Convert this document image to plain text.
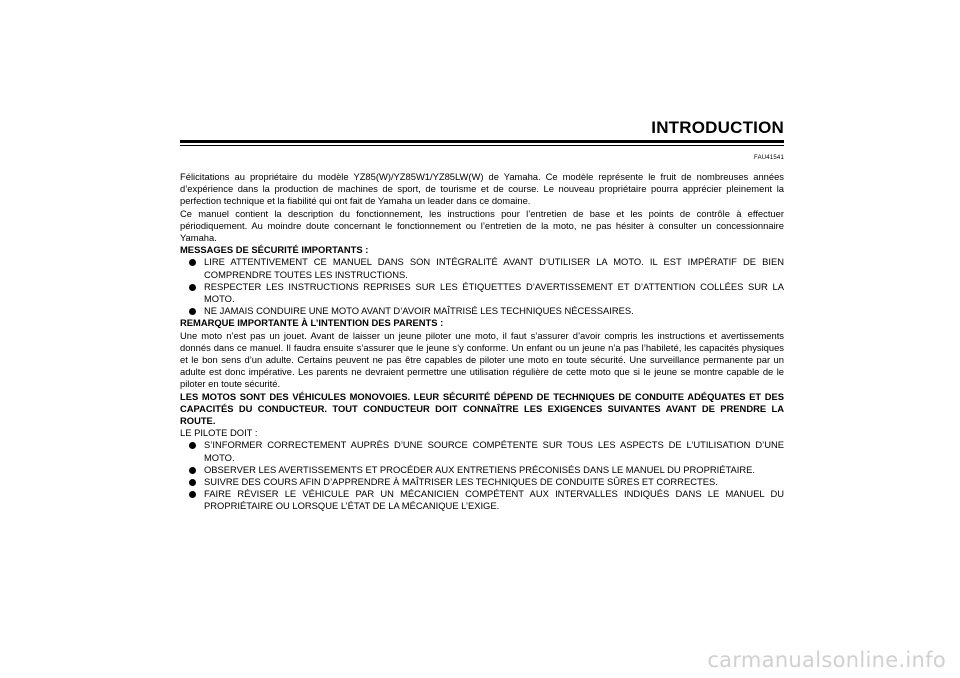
INTRODUCTION
FAU41541

Félicitations au propriétaire du modèle YZ85(W)/YZ85W1/YZ85LW(W) de Yamaha. Ce modèle représente le fruit de nombreuses années d’expérience dans la production de machines de sport, de tourisme et de course. Le nouveau propriétaire pourra apprécier pleinement la perfection technique et la fiabilité qui ont fait de Yamaha un leader dans ce domaine.

Ce manuel contient la description du fonctionnement, les instructions pour l’entretien de base et les points de contrôle à effectuer périodiquement. Au moindre doute concernant le fonctionnement ou l’entretien de la moto, ne pas hésiter à consulter un concessionnaire Yamaha.

MESSAGES DE SÉCURITÉ IMPORTANTS :

LIRE ATTENTIVEMENT CE MANUEL DANS SON INTÉGRALITÉ AVANT D’UTILISER LA MOTO. IL EST IMPÉRATIF DE BIEN COMPRENDRE TOUTES LES INSTRUCTIONS.
RESPECTER LES INSTRUCTIONS REPRISES SUR LES ÉTIQUETTES D’AVERTISSEMENT ET D’ATTENTION COLLÉES SUR LA MOTO.
NE JAMAIS CONDUIRE UNE MOTO AVANT D’AVOIR MAÎTRISÉ LES TECHNIQUES NÉCESSAIRES.

REMARQUE IMPORTANTE À L’INTENTION DES PARENTS :

Une moto n’est pas un jouet. Avant de laisser un jeune piloter une moto, il faut s’assurer d’avoir compris les instructions et avertissements donnés dans ce manuel. Il faudra ensuite s’assurer que le jeune s’y conforme. Un enfant ou un jeune n’a pas l’habileté, les capacités physiques et le bon sens d’un adulte. Certains peuvent ne pas être capables de piloter une moto en toute sécurité. Une surveillance permanente par un adulte est donc impérative. Les parents ne devraient permettre une utilisation régulière de cette moto que si le jeune se montre capable de le piloter en toute sécurité.

LES MOTOS SONT DES VÉHICULES MONOVOIES. LEUR SÉCURITÉ DÉPEND DE TECHNIQUES DE CONDUITE ADÉQUATES ET DES CAPACITÉS DU CONDUCTEUR. TOUT CONDUCTEUR DOIT CONNAÎTRE LES EXIGENCES SUIVANTES AVANT DE PRENDRE LA ROUTE.

LE PILOTE DOIT :

S’INFORMER CORRECTEMENT AUPRÈS D’UNE SOURCE COMPÉTENTE SUR TOUS LES ASPECTS DE L’UTILISATION D’UNE MOTO.
OBSERVER LES AVERTISSEMENTS ET PROCÉDER AUX ENTRETIENS PRÉCONISÉS DANS LE MANUEL DU PROPRIÉTAIRE.
SUIVRE DES COURS AFIN D’APPRENDRE À MAÎTRISER LES TECHNIQUES DE CONDUITE SÛRES ET CORRECTES.
FAIRE RÉVISER LE VÉHICULE PAR UN MÉCANICIEN COMPÉTENT AUX INTERVALLES INDIQUÉS DANS LE MANUEL DU PROPRIÉTAIRE OU LORSQUE L’ÉTAT DE LA MÉCANIQUE L’EXIGE.
carmanualsonline.info
